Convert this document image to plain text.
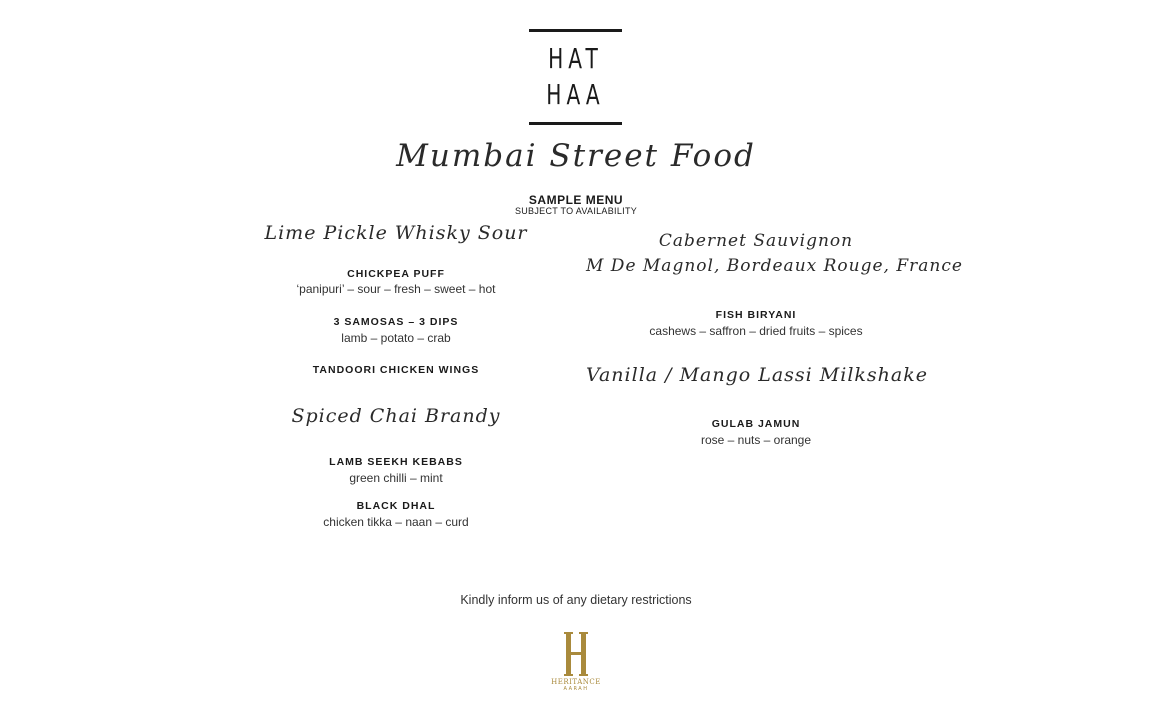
HAT
HAA
Mumbai Street Food
SAMPLE MENU
SUBJECT TO AVAILABILITY
Lime Pickle Whisky Sour
CHICKPEA PUFF
‘panipuri’ – sour – fresh – sweet – hot
3 SAMOSAS – 3 DIPS
lamb – potato – crab
TANDOORI CHICKEN WINGS
Spiced Chai Brandy
LAMB SEEKH KEBABS
green chilli – mint
BLACK DHAL
chicken tikka – naan – curd
Cabernet Sauvignon
M De Magnol, Bordeaux Rouge, France
FISH BIRYANI
cashews – saffron – dried fruits – spices
Vanilla / Mango Lassi Milkshake
GULAB JAMUN
rose – nuts – orange
Kindly inform us of any dietary restrictions
HERITANCE
AARAH
